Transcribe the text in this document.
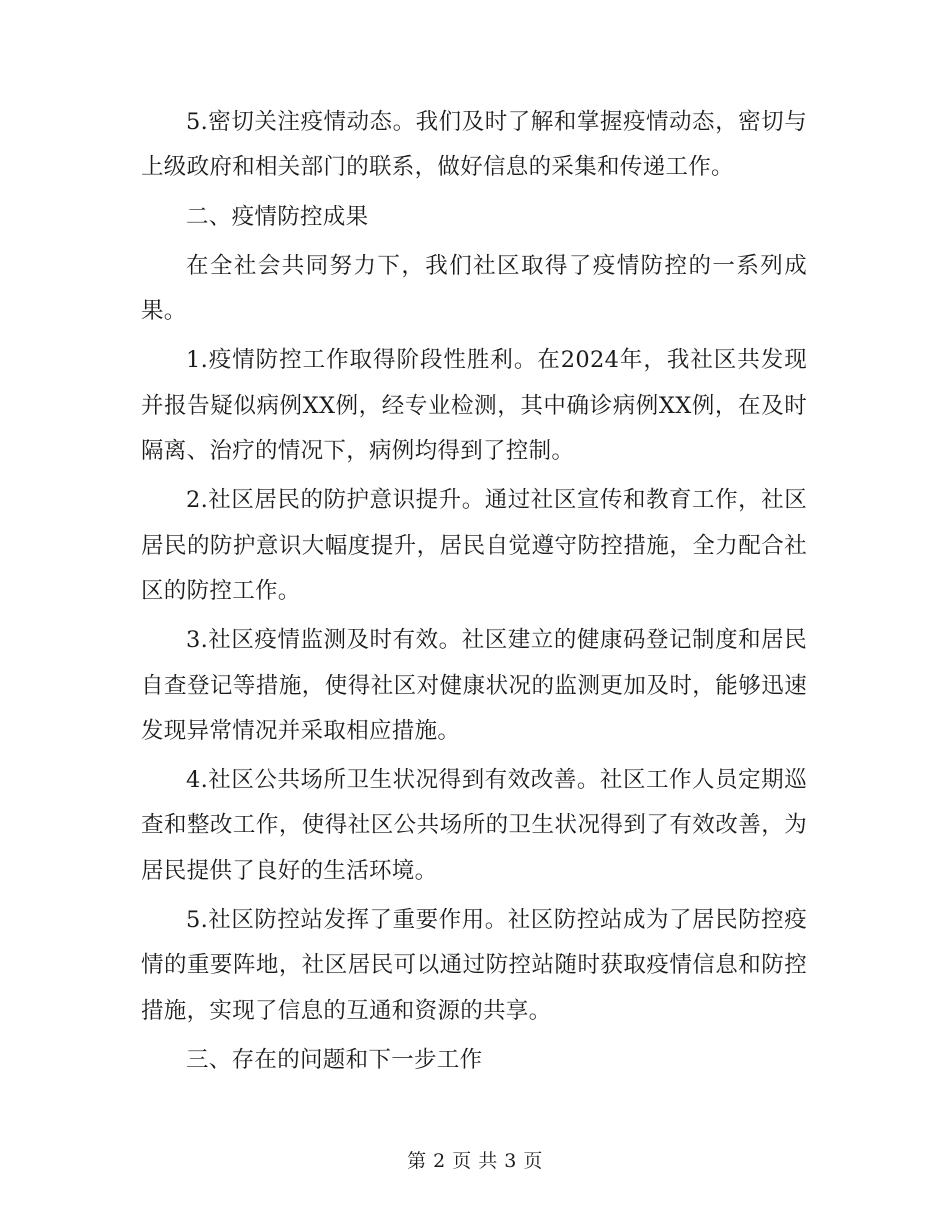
5.密切关注疫情动态。我们及时了解和掌握疫情动态，密切与上级政府和相关部门的联系，做好信息的采集和传递工作。

二、疫情防控成果

在全社会共同努力下，我们社区取得了疫情防控的一系列成果。

1.疫情防控工作取得阶段性胜利。在2024年，我社区共发现并报告疑似病例XX例，经专业检测，其中确诊病例XX例，在及时隔离、治疗的情况下，病例均得到了控制。

2.社区居民的防护意识提升。通过社区宣传和教育工作，社区居民的防护意识大幅度提升，居民自觉遵守防控措施，全力配合社区的防控工作。

3.社区疫情监测及时有效。社区建立的健康码登记制度和居民自查登记等措施，使得社区对健康状况的监测更加及时，能够迅速发现异常情况并采取相应措施。

4.社区公共场所卫生状况得到有效改善。社区工作人员定期巡查和整改工作，使得社区公共场所的卫生状况得到了有效改善，为居民提供了良好的生活环境。

5.社区防控站发挥了重要作用。社区防控站成为了居民防控疫情的重要阵地，社区居民可以通过防控站随时获取疫情信息和防控措施，实现了信息的互通和资源的共享。

三、存在的问题和下一步工作

第 2 页 共 3 页
